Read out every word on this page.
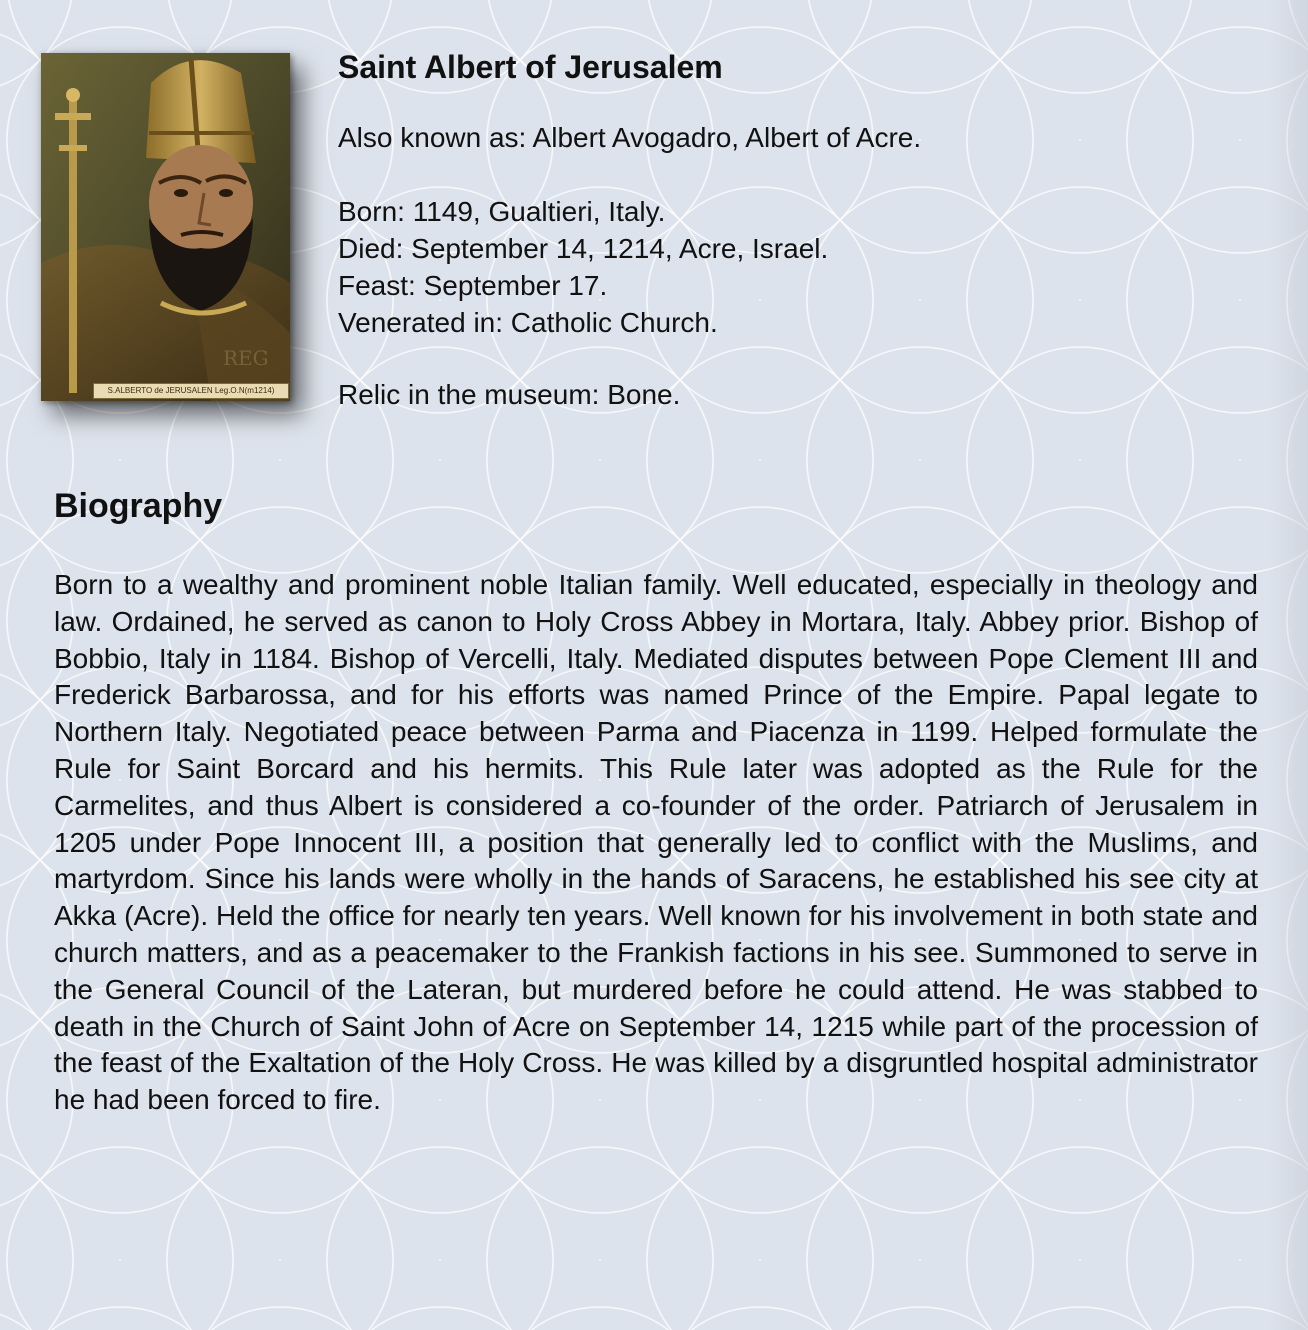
REG
S.ALBERTO de JERUSALEN Leg.O.N(m1214)
Saint Albert of Jerusalem

Also known as: Albert Avogadro, Albert of Acre.

Born: 1149, Gualtieri, Italy.

Died: September 14, 1214, Acre, Israel.

Feast: September 17.

Venerated in: Catholic Church.

Relic in the museum: Bone.

Biography

Born to a wealthy and prominent noble Italian family. Well educated, especially in theology and law. Ordained, he served as canon to Holy Cross Abbey in Mortara, Italy. Abbey prior. Bishop of Bobbio, Italy in 1184. Bishop of Vercelli, Italy. Mediated disputes between Pope Clement III and Frederick Barbarossa, and for his efforts was named Prince of the Empire. Papal legate to Northern Italy. Negotiated peace between Parma and Piacenza in 1199. Helped formulate the Rule for Saint Borcard and his hermits. This Rule later was adopted as the Rule for the Carmelites, and thus Albert is considered a co-founder of the order. Patriarch of Jerusalem in 1205 under Pope Innocent III, a position that generally led to conflict with the Muslims, and martyrdom. Since his lands were wholly in the hands of Saracens, he established his see city at Akka (Acre). Held the office for nearly ten years. Well known for his involvement in both state and church matters, and as a peacemaker to the Frankish factions in his see. Summoned to serve in the General Council of the Lateran, but murdered before he could attend. He was stabbed to death in the Church of Saint John of Acre on September 14, 1215 while part of the procession of the feast of the Exaltation of the Holy Cross. He was killed by a disgruntled hospital administrator he had been forced to fire.
